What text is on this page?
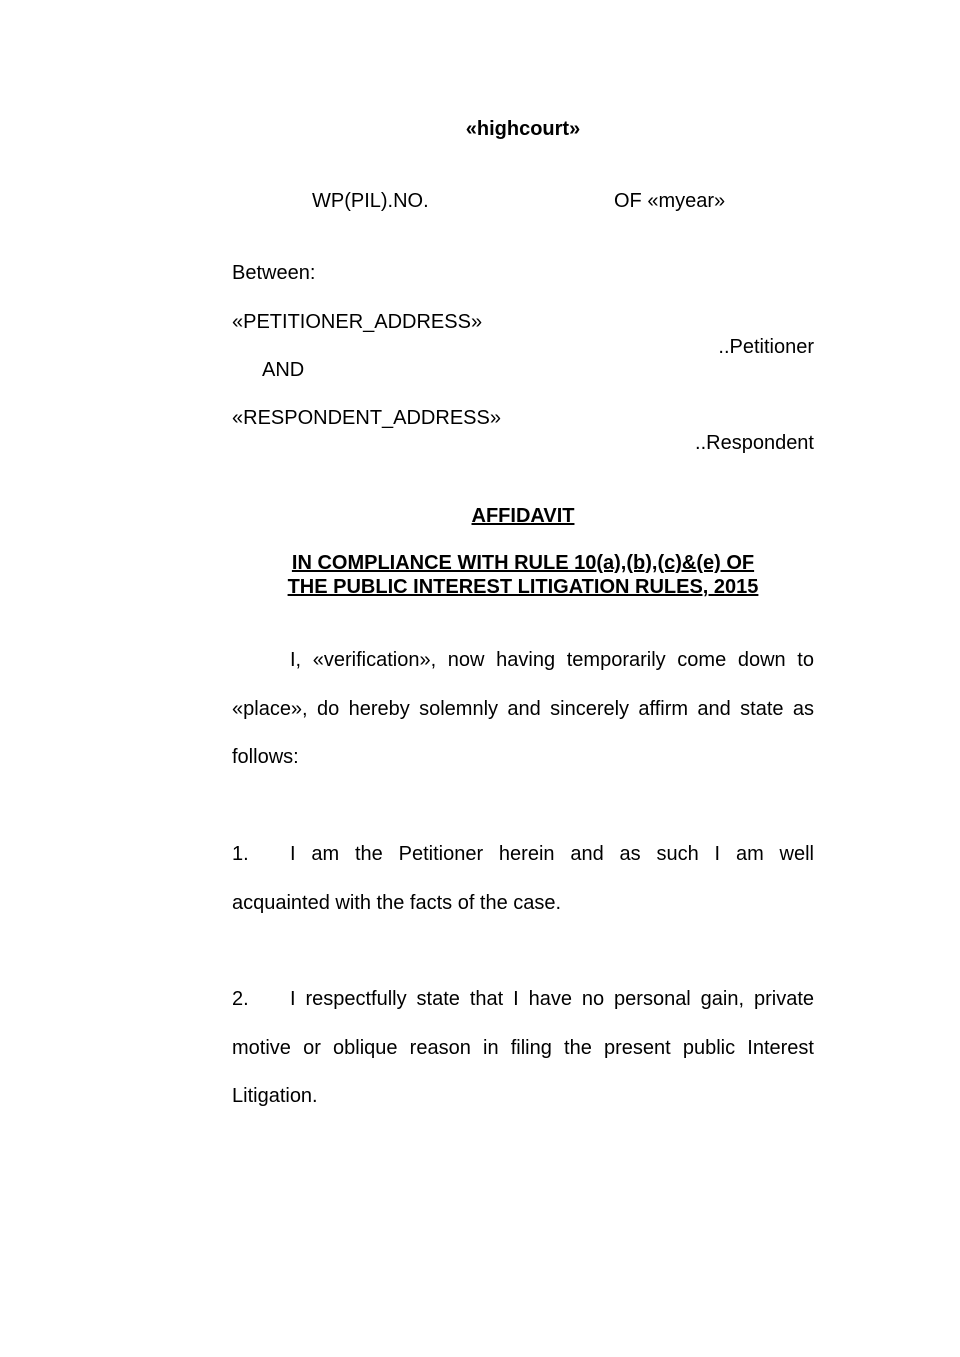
«highcourt»
WP(PIL).NO.	OF «myear»
Between:
«PETITIONER_ADDRESS»
..Petitioner
AND
«RESPONDENT_ADDRESS»
..Respondent
AFFIDAVIT
IN COMPLIANCE WITH RULE 10(a),(b),(c)&(e) OF
THE PUBLIC INTEREST LITIGATION RULES, 2015
I, «verification», now having temporarily come down to «place», do hereby solemnly and sincerely affirm and state as follows:
1. I am the Petitioner herein and as such I am well acquainted with the facts of the case.
2. I respectfully state that I have no personal gain, private motive or oblique reason in filing the present public Interest Litigation.
